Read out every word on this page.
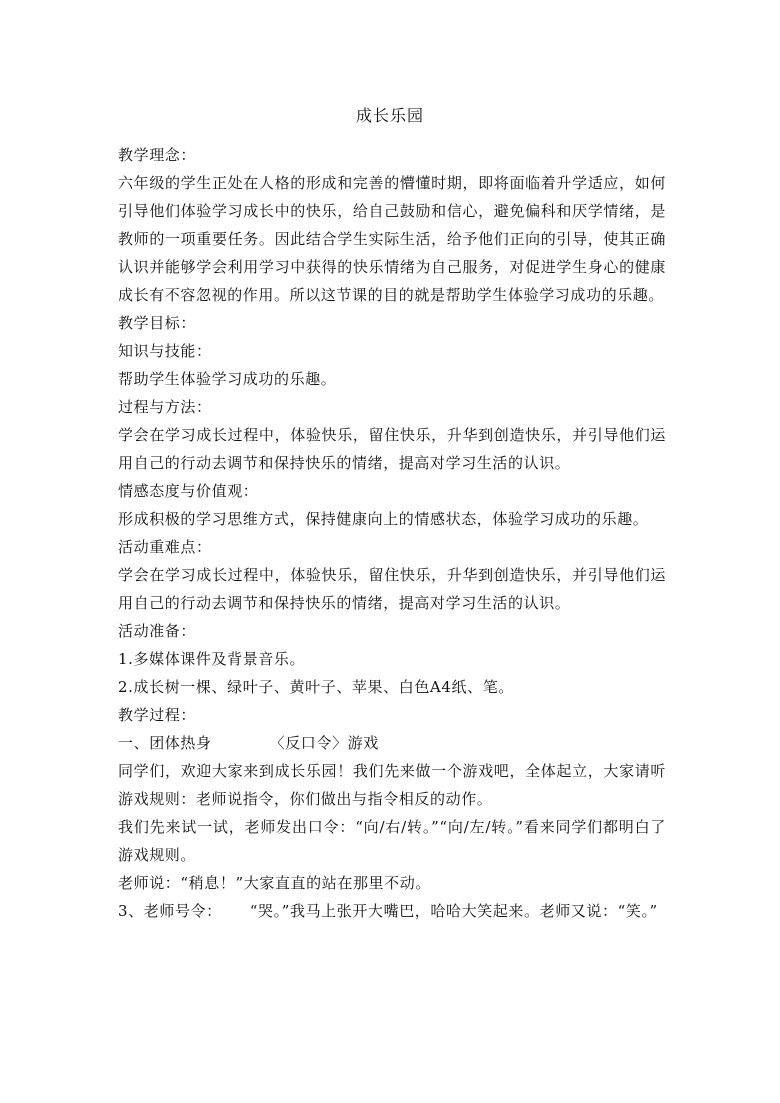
成长乐园

教学理念：

六年级的学生正处在人格的形成和完善的懵懂时期，即将面临着升学适应，如何引导他们体验学习成长中的快乐，给自己鼓励和信心，避免偏科和厌学情绪，是教师的一项重要任务。因此结合学生实际生活，给予他们正向的引导，使其正确认识并能够学会利用学习中获得的快乐情绪为自己服务，对促进学生身心的健康成长有不容忽视的作用。所以这节课的目的就是帮助学生体验学习成功的乐趣。

教学目标：

知识与技能：

帮助学生体验学习成功的乐趣。

过程与方法：

学会在学习成长过程中，体验快乐，留住快乐，升华到创造快乐，并引导他们运用自己的行动去调节和保持快乐的情绪，提高对学习生活的认识。

情感态度与价值观：

形成积极的学习思维方式，保持健康向上的情感状态，体验学习成功的乐趣。

活动重难点：

学会在学习成长过程中，体验快乐，留住快乐，升华到创造快乐，并引导他们运用自己的行动去调节和保持快乐的情绪，提高对学习生活的认识。

活动准备：

1.多媒体课件及背景音乐。

2.成长树一棵、绿叶子、黄叶子、苹果、白色A4纸、笔。

教学过程：

一、团体热身	〈反口令〉游戏

同学们，欢迎大家来到成长乐园！我们先来做一个游戏吧，全体起立，大家请听游戏规则：老师说指令，你们做出与指令相反的动作。

我们先来试一试，老师发出口令：“向/右/转。”“向/左/转。”看来同学们都明白了游戏规则。

老师说：“稍息！”大家直直的站在那里不动。

3、老师号令： “哭。”我马上张开大嘴巴，哈哈大笑起来。老师又说：“笑。”
